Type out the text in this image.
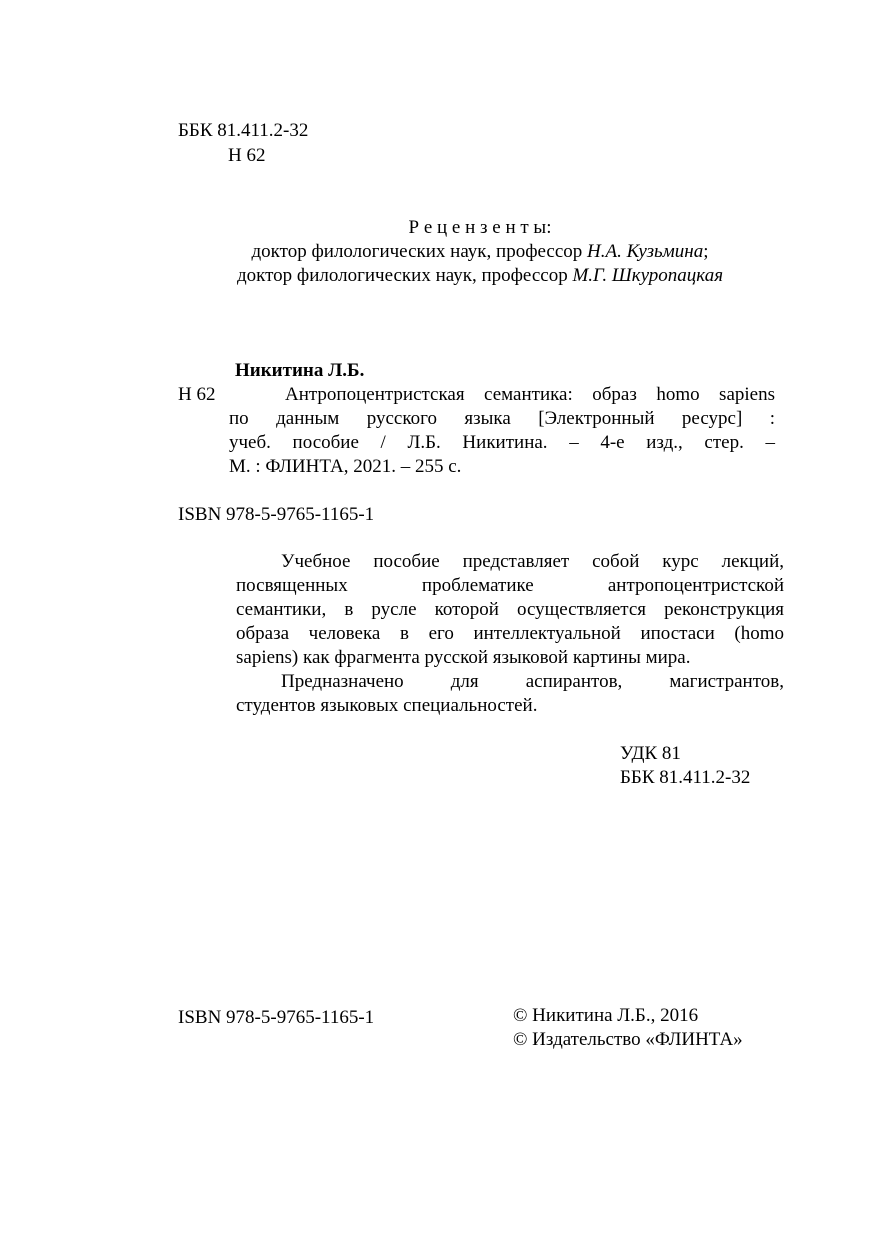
ББК 81.411.2-32
Н 62
Р е ц е н з е н т ы:
доктор филологических наук, профессор Н.А. Кузьмина;
доктор филологических наук, профессор М.Г. Шкуропацкая
Никитина Л.Б.
Н 62	Антропоцентристская семантика: образ homo sapiens
по данным русского языка [Электронный ресурс] :
учеб. пособие / Л.Б. Никитина. – 4-е изд., стер. –
М. : ФЛИНТА, 2021. – 255 с.
ISBN 978-5-9765-1165-1
Учебное пособие представляет собой курс лекций,
посвященных проблематике антропоцентристской
семантики, в русле которой осуществляется реконструкция
образа человека в его интеллектуальной ипостаси (homo
sapiens) как фрагмента русской языковой картины мира.
Предназначено для аспирантов, магистрантов,
студентов языковых специальностей.
УДК 81
ББК 81.411.2-32
ISBN 978-5-9765-1165-1	© Никитина Л.Б., 2016
© Издательство «ФЛИНТА»
